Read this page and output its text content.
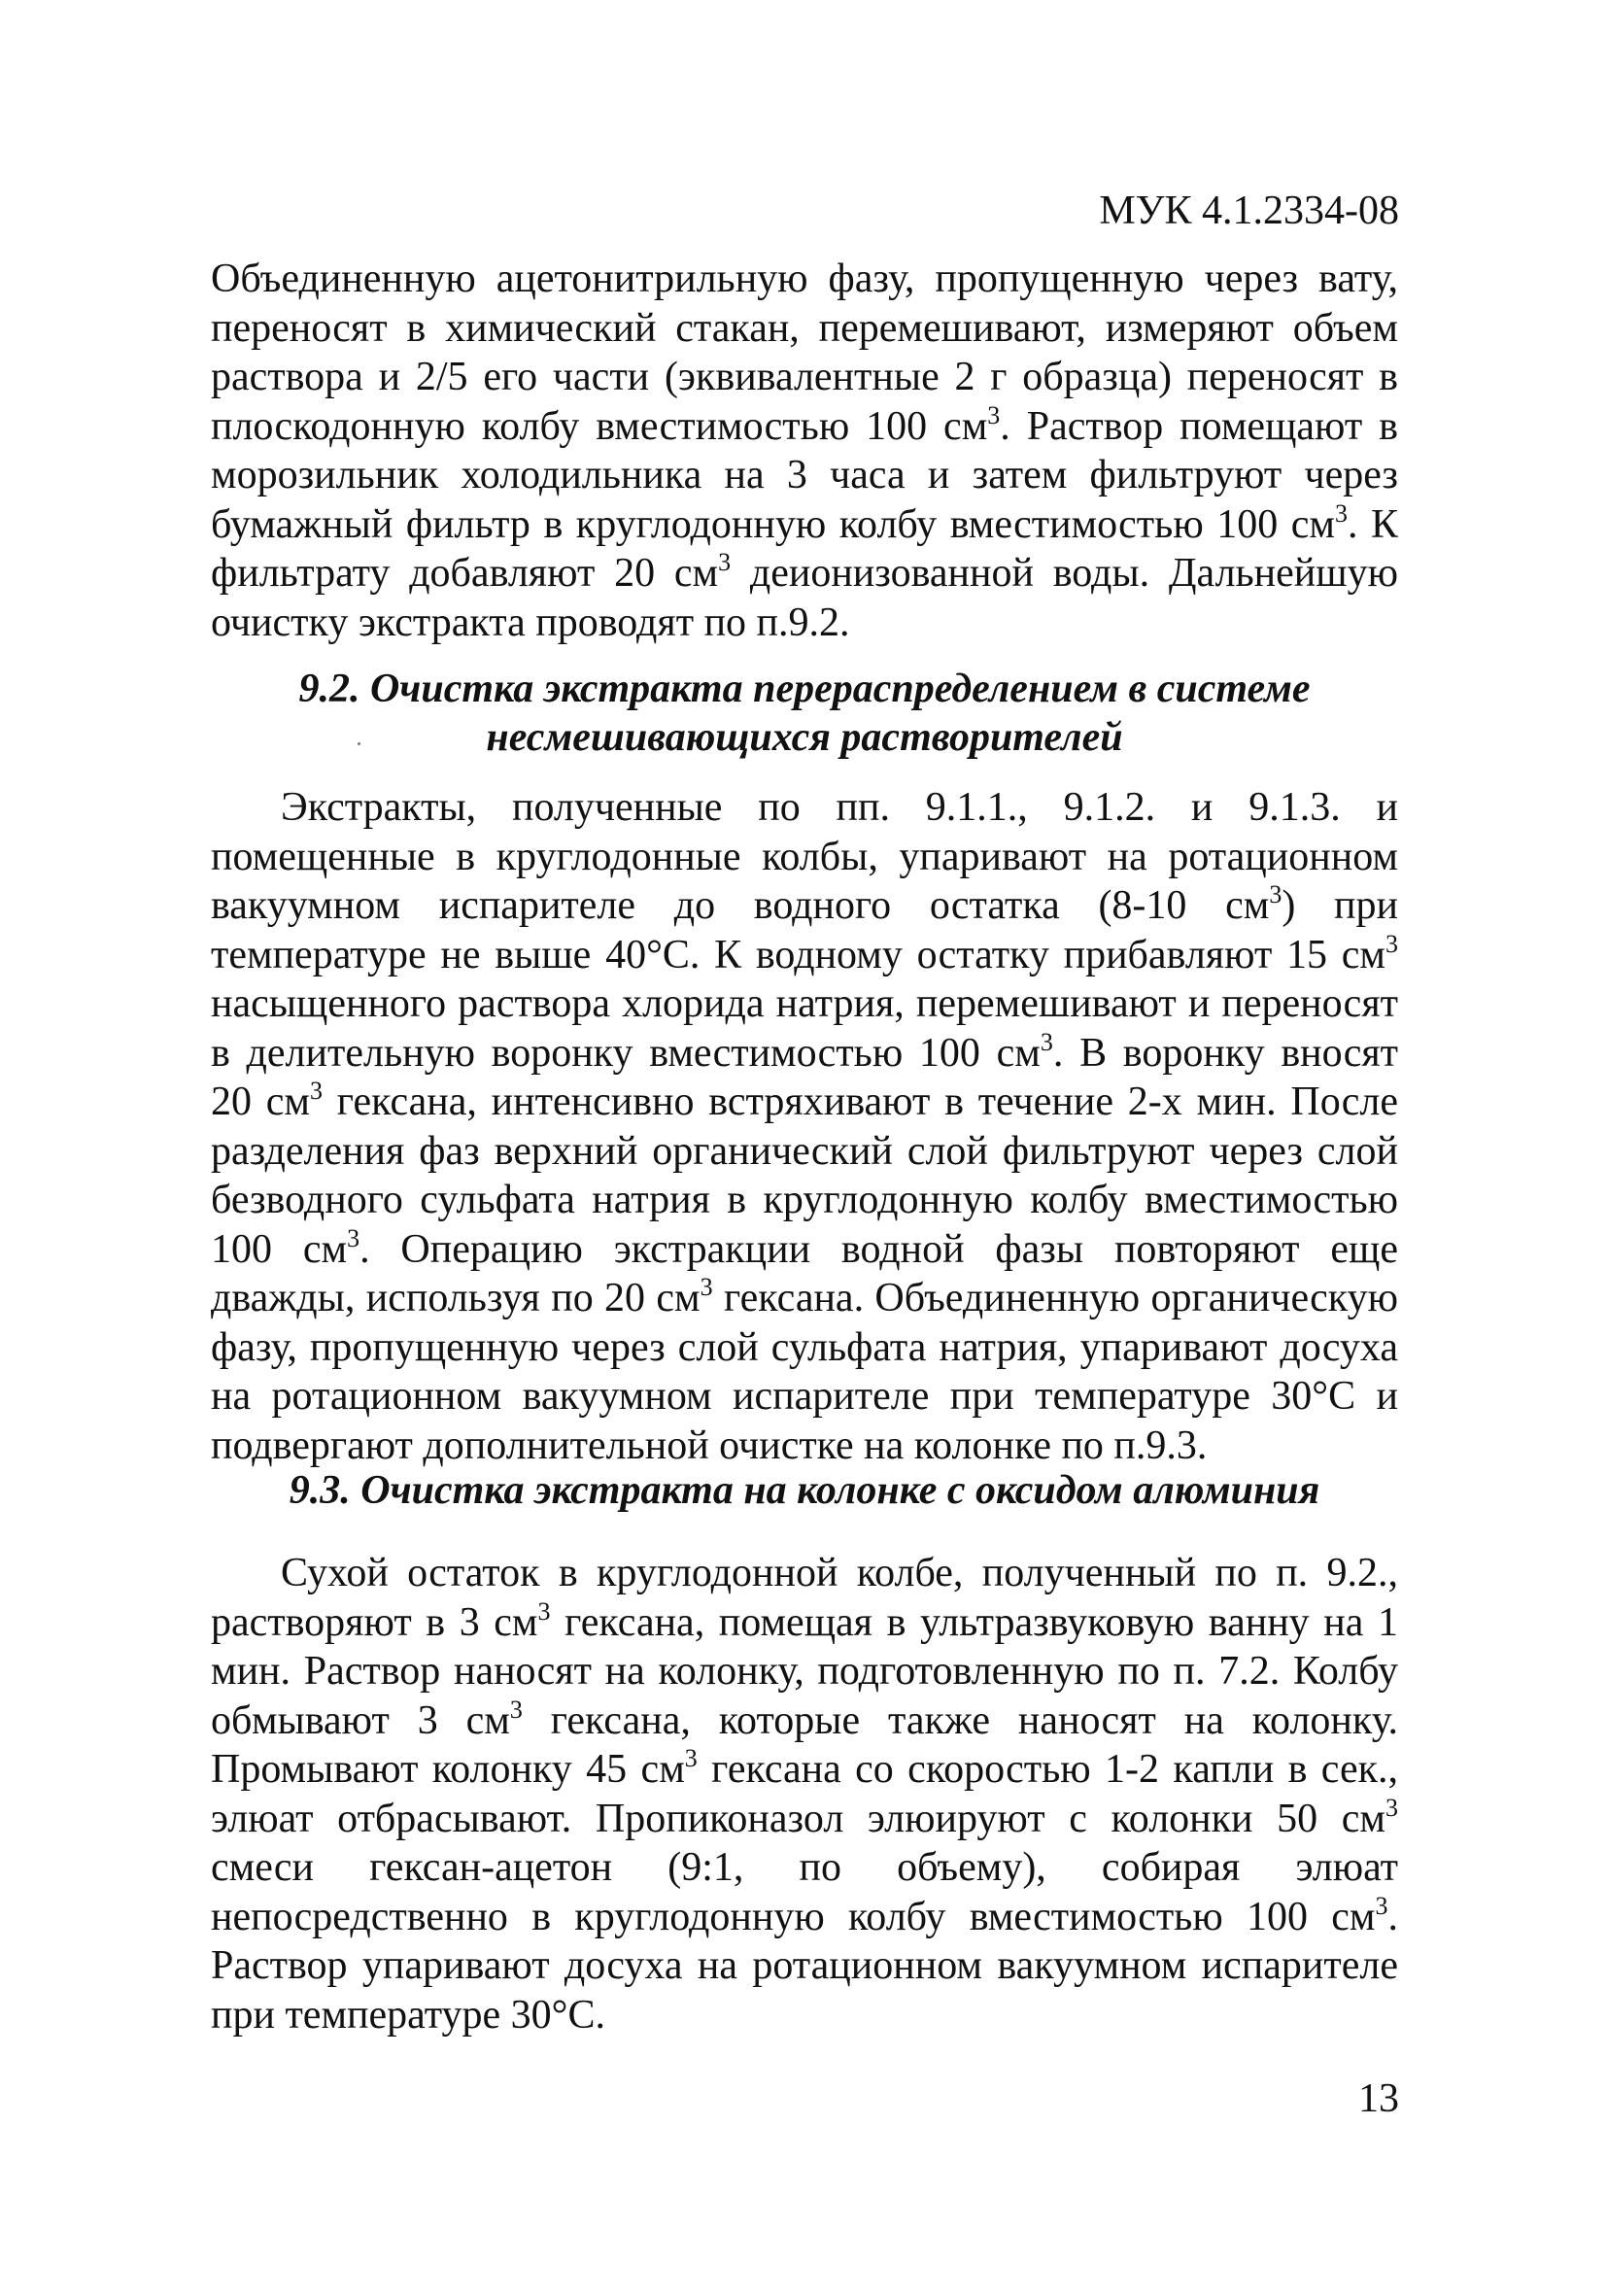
МУК 4.1.2334-08

Объединенную ацетонитрильную фазу, пропущенную через вату, переносят в химический стакан, перемешивают, измеряют объем раствора и 2/5 его части (эквивалентные 2 г образца) переносят в плоскодонную колбу вместимостью 100 $см^3$. Раствор помещают в морозильник холодильника на 3 часа и затем фильтруют через бумажный фильтр в круглодонную колбу вместимостью 100 $см^3$. К фильтрату добавляют 20 $см^3$ деионизованной воды. Дальнейшую очистку экстракта проводят по п.9.2.

9.2. Очистка экстракта перераспределением в системе несмешивающихся растворителей

Экстракты, полученные по пп. 9.1.1., 9.1.2. и 9.1.3. и помещенные в круглодонные колбы, упаривают на ротационном вакуумном испарителе до водного остатка (8-10 $см^3$) при температуре не выше 40°С. К водному остатку прибавляют 15 $см^3$ насыщенного раствора хлорида натрия, перемешивают и переносят в делительную воронку вместимостью 100 $см^3$. В воронку вносят 20 $см^3$ гексана, интенсивно встряхивают в течение 2-х мин. После разделения фаз верхний органический слой фильтруют через слой безводного сульфата натрия в круглодонную колбу вместимостью 100 $см^3$. Операцию экстракции водной фазы повторяют еще дважды, используя по 20 $см^3$ гексана. Объединенную органическую фазу, пропущенную через слой сульфата натрия, упаривают досуха на ротационном вакуумном испарителе при температуре 30°С и подвергают дополнительной очистке на колонке по п.9.3.

9.3. Очистка экстракта на колонке с оксидом алюминия

Сухой остаток в круглодонной колбе, полученный по п. 9.2., растворяют в 3 $см^3$ гексана, помещая в ультразвуковую ванну на 1 мин. Раствор наносят на колонку, подготовленную по п. 7.2. Колбу обмывают 3 $см^3$ гексана, которые также наносят на колонку. Промывают колонку 45 $см^3$ гексана со скоростью 1-2 капли в сек., элюат отбрасывают. Пропиконазол элюируют с колонки 50 $см^3$ смеси гексан-ацетон (9:1, по объему), собирая элюат непосредственно в круглодонную колбу вместимостью 100 $см^3$. Раствор упаривают досуха на ротационном вакуумном испарителе при температуре 30°С.

13
